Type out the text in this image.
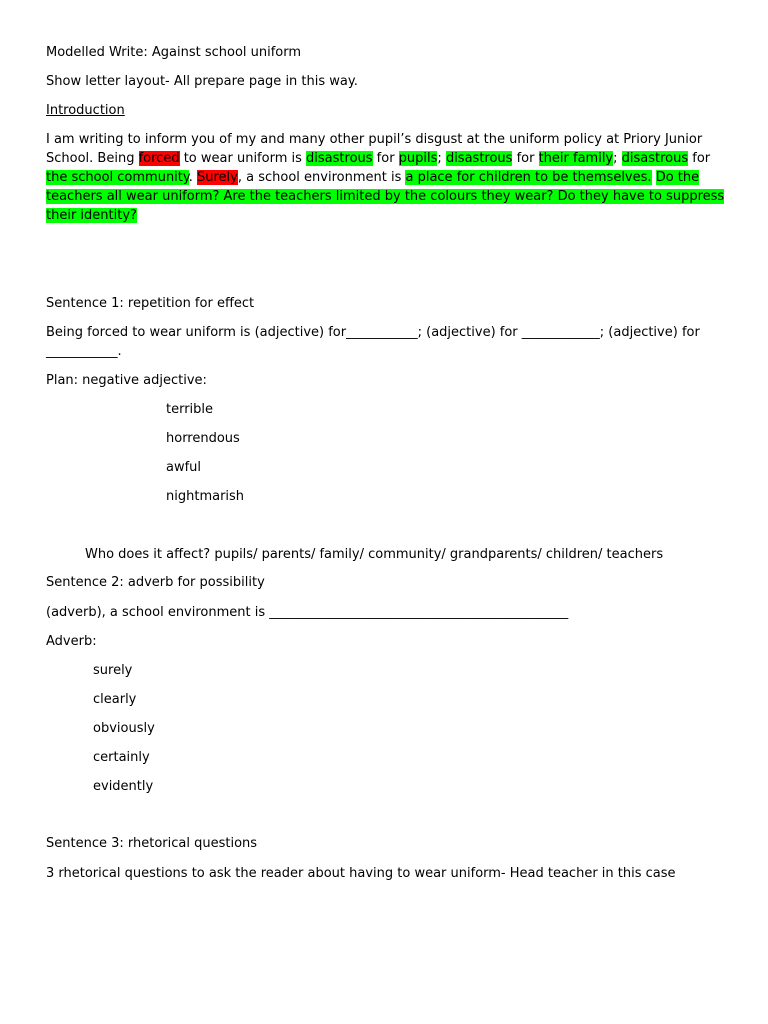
Modelled Write: Against school uniform
Show letter layout- All prepare page in this way.
Introduction
I am writing to inform you of my and many other pupil’s disgust at the uniform policy at Priory Junior School. Being forced to wear uniform is disastrous for pupils; disastrous for their family; disastrous for the school community. Surely, a school environment is a place for children to be themselves. Do the teachers all wear uniform? Are the teachers limited by the colours they wear? Do they have to suppress their identity?
Sentence 1: repetition for effect
Being forced to wear uniform is (adjective) for___________; (adjective) for ____________; (adjective) for
___________.
Plan: negative adjective:
terrible
horrendous
awful
nightmarish
Who does it affect? pupils/ parents/ family/ community/ grandparents/ children/ teachers
Sentence 2: adverb for possibility
(adverb), a school environment is ______________________________________________
Adverb:
surely
clearly
obviously
certainly
evidently
Sentence 3: rhetorical questions
3 rhetorical questions to ask the reader about having to wear uniform- Head teacher in this case
